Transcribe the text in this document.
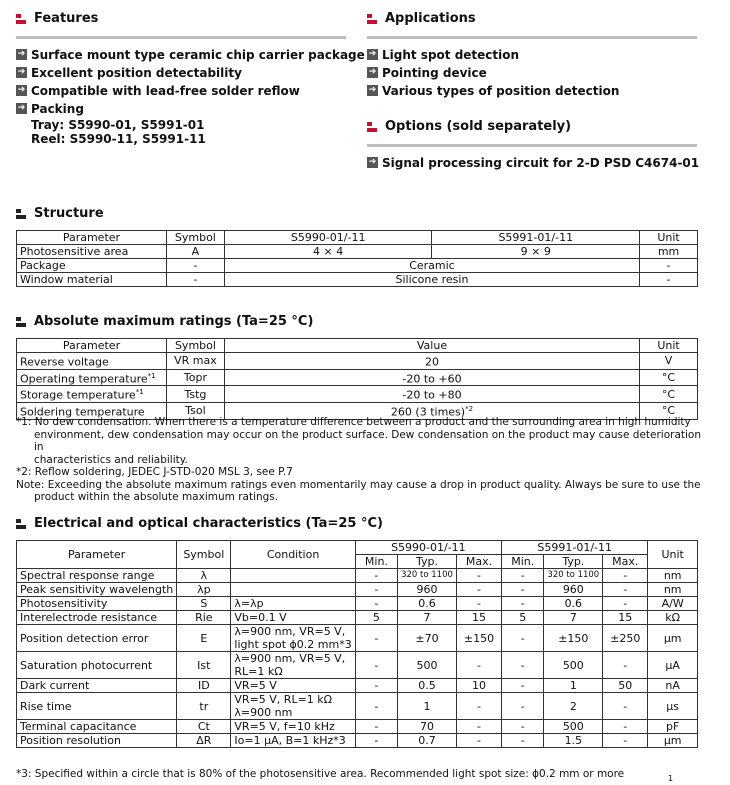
Features
➔ Surface mount type ceramic chip carrier package
➔ Excellent position detectability
➔ Compatible with lead-free solder reflow
➔ Packing
Tray: S5990-01, S5991-01
Reel: S5990-11, S5991-11
Applications
➔ Light spot detection
➔ Pointing device
➔ Various types of position detection
Options (sold separately)
➔ Signal processing circuit for 2-D PSD C4674-01
Structure
Parameter	Symbol	S5990-01/-11	S5991-01/-11	Unit
Photosensitive area	A	4 × 4	9 × 9	mm
Package	-	Ceramic		-
Window material	-	Silicone resin		-
Absolute maximum ratings (Ta=25 °C)
Parameter	Symbol	Value	Unit
Reverse voltage	VR max	20	V
Operating temperature$^{*1}$	Topr	-20 to +60	°C
Storage temperature$^{*1}$	Tstg	-20 to +80	°C
Soldering temperature	Tsol	260 (3 times)$^{*2}$	°C
*1: No dew condensation. When there is a temperature difference between a product and the surrounding area in high humidity
environment, dew condensation may occur on the product surface. Dew condensation on the product may cause deterioration in
characteristics and reliability.
*2: Reflow soldering, JEDEC J-STD-020 MSL 3, see P.7
Note: Exceeding the absolute maximum ratings even momentarily may cause a drop in product quality. Always be sure to use the
product within the absolute maximum ratings.
Electrical and optical characteristics (Ta=25 °C)
Parameter	Symbol	Condition	S5990-01/-11			S5991-01/-11			Unit
			Min.	Typ.	Max.	Min.	Typ.	Max.	
Spectral response range	λ		-	320 to 1100	-	-	320 to 1100	-	nm
Peak sensitivity wavelength	λp		-	960	-	-	960	-	nm
Photosensitivity	S	λ=λp	-	0.6	-	-	0.6	-	A/W
Interelectrode resistance	Rie	Vb=0.1 V	5	7	15	5	7	15	kΩ
Position detection error	E	λ=900 nm, VR=5 V,
light spot ϕ0.2 mm*3	-	±70	±150	-	±150	±250	µm
Saturation photocurrent	Ist	λ=900 nm, VR=5 V,
RL=1 kΩ	-	500	-	-	500	-	µA
Dark current	ID	VR=5 V	-	0.5	10	-	1	50	nA
Rise time	tr	VR=5 V, RL=1 kΩ
λ=900 nm	-	1	-	-	2	-	µs
Terminal capacitance	Ct	VR=5 V, f=10 kHz	-	70	-	-	500	-	pF
Position resolution	ΔR	Io=1 µA, B=1 kHz*3	-	0.7	-	-	1.5	-	µm
*3: Specified within a circle that is 80% of the photosensitive area. Recommended light spot size: ϕ0.2 mm or more	1
